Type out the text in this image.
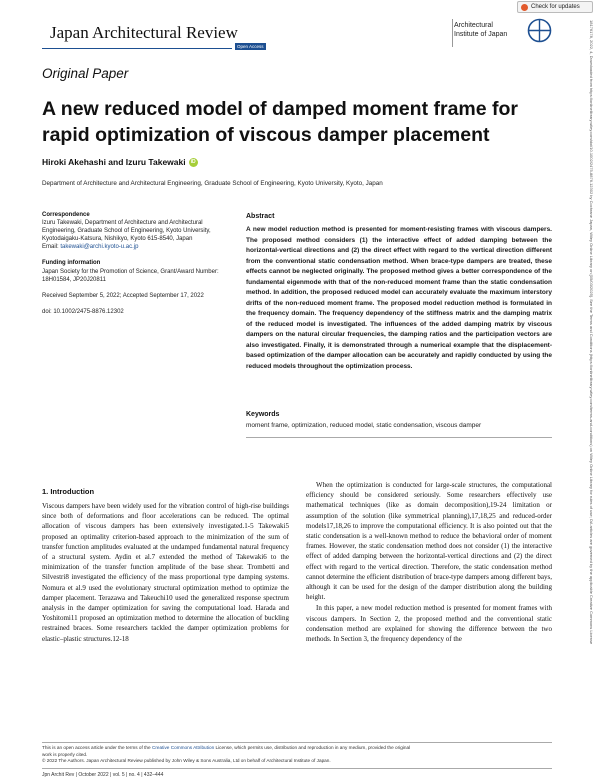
Japan Architectural Review
Open Access
Architectural
Institute of Japan
Check for updates
18176178, 2022, 4, Downloaded from https://onlinelibrary.wiley.com/doi/10.1002/2475-8876.12302 by Cochrane Japan, Wiley Online Library on [05/03/2025]. See the Terms and Conditions (https://onlinelibrary.wiley.com/terms-and-conditions) on Wiley Online Library for rules of use; OA articles are governed by the applicable Creative Commons License
Original Paper
A new reduced model of damped moment frame for rapid optimization of viscous damper placement
Hiroki Akehashi and Izuru Takewaki iD
Department of Architecture and Architectural Engineering, Graduate School of Engineering, Kyoto University, Kyoto, Japan
Correspondence
Izuru Takewaki, Department of Architecture and Architectural Engineering, Graduate School of Engineering, Kyoto University, Kyotodaigaku-Katsura, Nishikyo, Kyoto 615-8540, Japan
Email: takewaki@archi.kyoto-u.ac.jp
Funding information
Japan Society for the Promotion of Science, Grant/Award Number: 18H01584, JP20J20811
Received September 5, 2022; Accepted September 17, 2022
doi: 10.1002/2475-8876.12302
Abstract
A new model reduction method is presented for moment-resisting frames with viscous dampers. The proposed method considers (1) the interactive effect of added damping between the horizontal-vertical directions and (2) the direct effect with regard to the vertical direction different from the conventional static condensation method. When brace-type dampers are treated, these effects cannot be neglected originally. The proposed method gives a better correspondence of the fundamental eigenmode with that of the non-reduced moment frame than the static condensation method. In addition, the proposed reduced model can accurately evaluate the maximum interstory drifts of the non-reduced moment frame. The proposed model reduction method is formulated in the frequency domain. The frequency dependency of the stiffness matrix and the damping matrix of the reduced model is investigated. The influences of the added damping matrix by viscous dampers on the natural circular frequencies, the damping ratios and the participation vectors are also investigated. Finally, it is demonstrated through a numerical example that the displacement-based optimization of the damper allocation can be accurately and rapidly conducted by using the reduced models throughout the optimization process.
Keywords
moment frame, optimization, reduced model, static condensation, viscous damper
1. Introduction
Viscous dampers have been widely used for the vibration control of high-rise buildings since both of deformations and floor accelerations can be reduced. The optimal allocation of viscous dampers has been extensively investigated.1-5 Takewaki5 proposed an optimality criterion-based approach to the minimization of the sum of transfer function amplitudes evaluated at the undamped fundamental natural frequency of a structural system. Aydin et al.7 extended the method of Takewaki6 to the minimization of the transfer function amplitude of the base shear. Trombetti and Silvestri8 investigated the efficiency of the mass proportional type damping systems. Nomura et al.9 used the evolutionary structural optimization method to optimize the damper placement. Terazawa and Takeuchi10 used the generalized response spectrum analysis in the damper optimization for saving the computational load. Harada and Yoshitomi11 proposed an optimization method to determine the allocation of buckling restrained braces. Some researchers tackled the damper optimization problems for elastic–plastic structures.12-18

When the optimization is conducted for large-scale structures, the computational efficiency should be considered seriously. Some researchers effectively use mathematical techniques (like as domain decomposition),19-24 limitation or assumption of the solution (like symmetrical planning),17,18,25 and reduced-order models17,18,26 to improve the computational efficiency. It is also pointed out that the static condensation is a well-known method to reduce the behavioral order of moment frames. However, the static condensation method does not consider (1) the interactive effect of added damping between the horizontal-vertical directions and (2) the direct effect with regard to the vertical direction. Therefore, the static condensation method cannot determine the efficient distribution of brace-type dampers among different bays, although it can be used for the design of the damper distribution along the building height.

In this paper, a new model reduction method is presented for moment frames with viscous dampers. In Section 2, the proposed method and the conventional static condensation method are explained for showing the difference between the two methods. In Section 3, the frequency dependency of the

This is an open access article under the terms of the Creative Commons Attribution License, which permits use, distribution and reproduction in any medium, provided the original
work is properly cited.
© 2022 The Authors. Japan Architectural Review published by John Wiley & Sons Australia, Ltd on behalf of Architectural Institute of Japan.
Jpn Archit Rev | October 2022 | vol. 5 | no. 4 | 432–444
